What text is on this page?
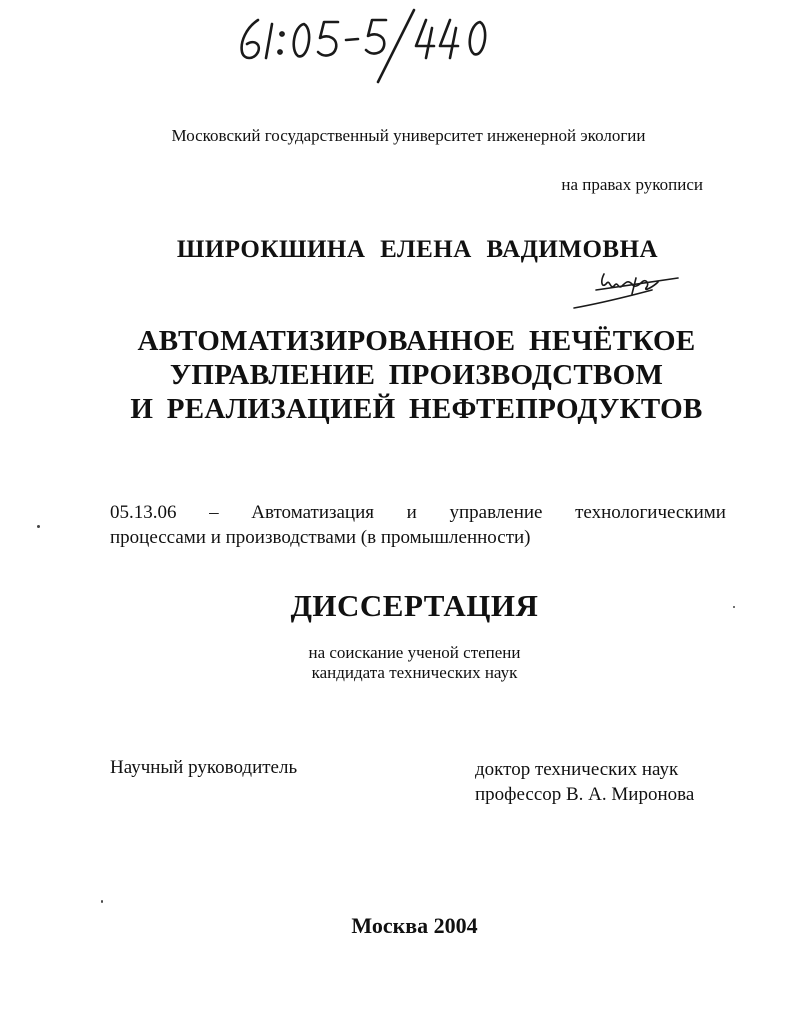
Московский государственный университет инженерной экологии
на правах рукописи
ШИРОКШИНА ЕЛЕНА ВАДИМОВНА
АВТОМАТИЗИРОВАННОЕ НЕЧЁТКОЕ
УПРАВЛЕНИЕ ПРОИЗВОДСТВОМ
И РЕАЛИЗАЦИЕЙ НЕФТЕПРОДУКТОВ
05.13.06 – Автоматизация и управление технологическими
процессами и производствами (в промышленности)
ДИССЕРТАЦИЯ
на соискание ученой степени
кандидата технических наук
Научный руководитель	доктор технических наук
профессор В. А. Миронова
Москва 2004
